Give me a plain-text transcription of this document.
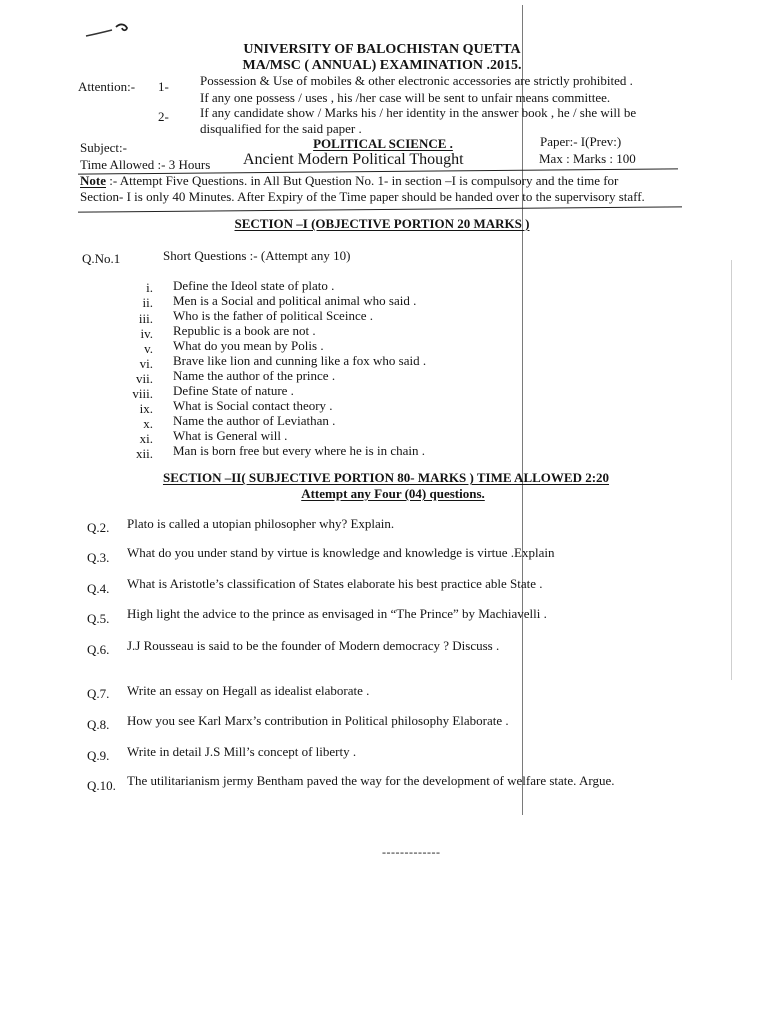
UNIVERSITY OF BALOCHISTAN QUETTA
MA/MSC ( ANNUAL) EXAMINATION .2015.
Attention:- 1- Possession & Use of mobiles & other electronic accessories are strictly prohibited .
If any one possess / uses , his /her case will be sent to unfair means committee.
2- If any candidate show / Marks his / her identity in the answer book , he / she will be
disqualified for the said paper .
Subject:-	POLITICAL SCIENCE .	Paper:- I(Prev:)
Time Allowed :- 3 Hours Ancient Modern Political Thought	Max : Marks : 100
Note :- Attempt Five Questions. in All But Question No. 1- in section –I is compulsory and the time for
Section- I is only 40 Minutes. After Expiry of the Time paper should be handed over to the supervisory staff.
SECTION –I (OBJECTIVE PORTION 20 MARKS )
Q.No.1	Short Questions :- (Attempt any 10)
i. Define the Ideol state of plato .
ii. Men is a Social and political animal who said .
iii. Who is the father of political Sceince .
iv. Republic is a book are not .
v. What do you mean by Polis .
vi. Brave like lion and cunning like a fox who said .
vii. Name the author of the prince .
viii. Define State of nature .
ix. What is Social contact theory .
x. Name the author of Leviathan .
xi. What is General will .
xii. Man is born free but every where he is in chain .
SECTION –II( SUBJECTIVE PORTION 80- MARKS ) TIME ALLOWED 2:20
Attempt any Four (04) questions.
Q.2. Plato is called a utopian philosopher why? Explain.
Q.3. What do you under stand by virtue is knowledge and knowledge is virtue .Explain
Q.4. What is Aristotle’s classification of States elaborate his best practice able State .
Q.5. High light the advice to the prince as envisaged in “The Prince” by Machiavelli .
Q.6. J.J Rousseau is said to be the founder of Modern democracy ? Discuss .
Q.7. Write an essay on Hegall as idealist elaborate .
Q.8. How you see Karl Marx’s contribution in Political philosophy Elaborate .
Q.9. Write in detail J.S Mill’s concept of liberty .
Q.10. The utilitarianism jermy Bentham paved the way for the development of welfare state. Argue.
-------------
